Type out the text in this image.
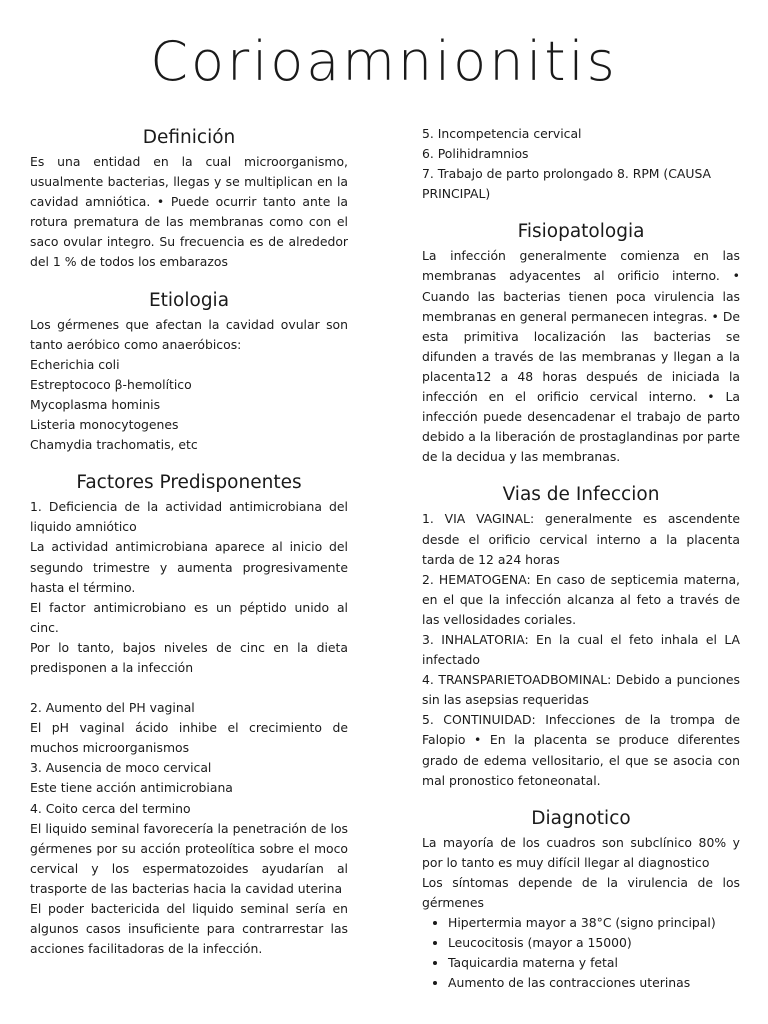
Corioamnionitis
Definición

Es una entidad en la cual microorganismo, usualmente bacterias, llegas y se multiplican en la cavidad amniótica. • Puede ocurrir tanto ante la rotura prematura de las membranas como con el saco ovular integro. Su frecuencia es de alrededor del 1 % de todos los embarazos

Etiologia

Los gérmenes que afectan la cavidad ovular son tanto aeróbico como anaeróbicos:

Echerichia coli

Estreptococo β-hemolítico

Mycoplasma hominis

Listeria monocytogenes

Chamydia trachomatis, etc

Factores Predisponentes

1. Deficiencia de la actividad antimicrobiana del liquido amniótico

La actividad antimicrobiana aparece al inicio del segundo trimestre y aumenta progresivamente hasta el término.

El factor antimicrobiano es un péptido unido al cinc.

Por lo tanto, bajos niveles de cinc en la dieta predisponen a la infección

2. Aumento del PH vaginal

El pH vaginal ácido inhibe el crecimiento de muchos microorganismos

3. Ausencia de moco cervical

Este tiene acción antimicrobiana

4. Coito cerca del termino

El liquido seminal favorecería la penetración de los gérmenes por su acción proteolítica sobre el moco cervical y los espermatozoides ayudarían al trasporte de las bacterias hacia la cavidad uterina

El poder bactericida del liquido seminal sería en algunos casos insuficiente para contrarrestar las acciones facilitadoras de la infección.

5. Incompetencia cervical

6. Polihidramnios

7. Trabajo de parto prolongado 8. RPM (CAUSA PRINCIPAL)

Fisiopatologia

La infección generalmente comienza en las membranas adyacentes al orificio interno. • Cuando las bacterias tienen poca virulencia las membranas en general permanecen integras. • De esta primitiva localización las bacterias se difunden a través de las membranas y llegan a la placenta12 a 48 horas después de iniciada la infección en el orificio cervical interno. • La infección puede desencadenar el trabajo de parto debido a la liberación de prostaglandinas por parte de la decidua y las membranas.

Vias de Infeccion

1. VIA VAGINAL: generalmente es ascendente desde el orificio cervical interno a la placenta tarda de 12 a24 horas

2. HEMATOGENA: En caso de septicemia materna, en el que la infección alcanza al feto a través de las vellosidades coriales.

3. INHALATORIA: En la cual el feto inhala el LA infectado

4. TRANSPARIETOADBOMINAL: Debido a punciones sin las asepsias requeridas

5. CONTINUIDAD: Infecciones de la trompa de Falopio • En la placenta se produce diferentes grado de edema vellositario, el que se asocia con mal pronostico fetoneonatal.

Diagnotico

La mayoría de los cuadros son subclínico 80% y por lo tanto es muy difícil llegar al diagnostico

Los síntomas depende de la virulencia de los gérmenes

• Hipertermia mayor a 38°C (signo principal)
• Leucocitosis (mayor a 15000)
• Taquicardia materna y fetal
• Aumento de las contracciones uterinas
